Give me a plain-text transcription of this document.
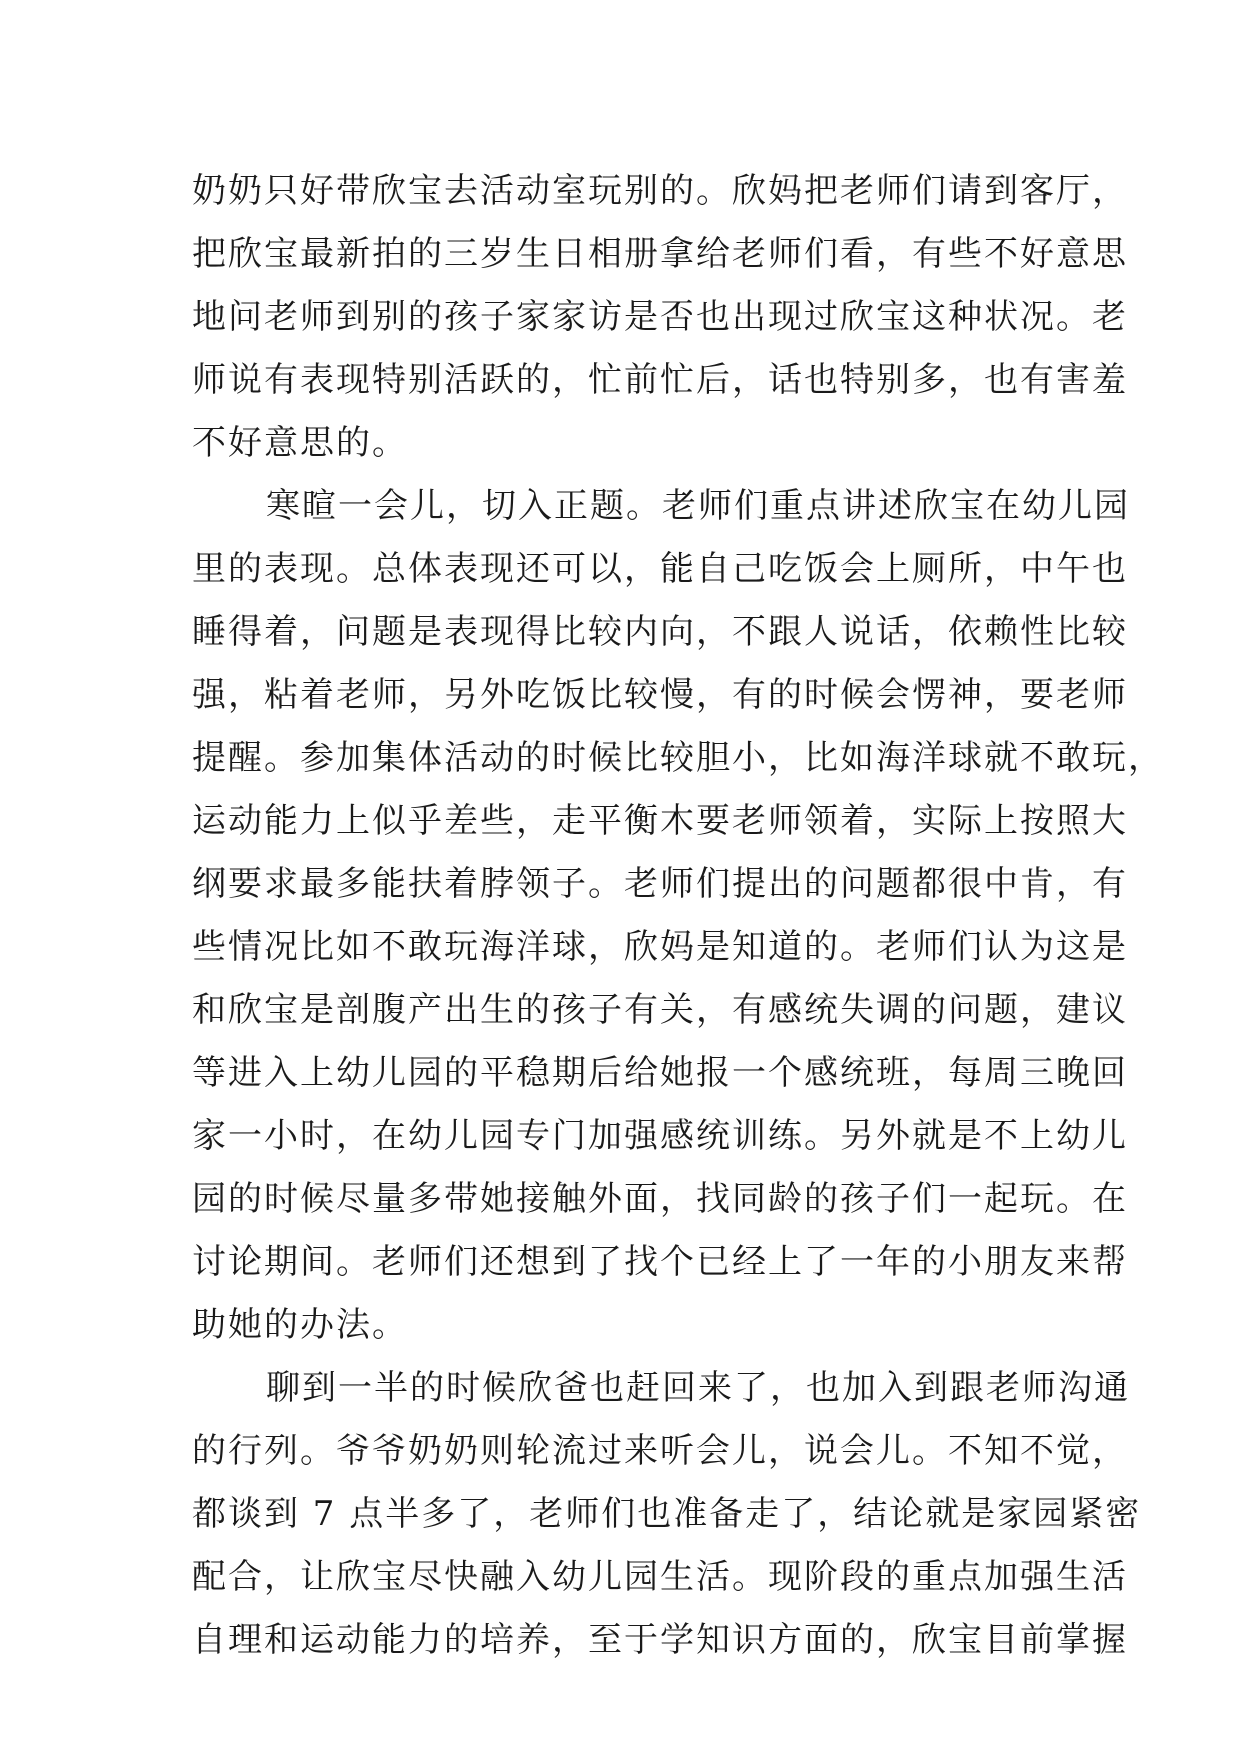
奶奶只好带欣宝去活动室玩别的。欣妈把老师们请到客厅，
把欣宝最新拍的三岁生日相册拿给老师们看，有些不好意思
地问老师到别的孩子家家访是否也出现过欣宝这种状况。老
师说有表现特别活跃的，忙前忙后，话也特别多，也有害羞
不好意思的。

寒暄一会儿，切入正题。老师们重点讲述欣宝在幼儿园
里的表现。总体表现还可以，能自己吃饭会上厕所，中午也
睡得着，问题是表现得比较内向，不跟人说话，依赖性比较
强，粘着老师，另外吃饭比较慢，有的时候会愣神，要老师
提醒。参加集体活动的时候比较胆小，比如海洋球就不敢玩，
运动能力上似乎差些，走平衡木要老师领着，实际上按照大
纲要求最多能扶着脖领子。老师们提出的问题都很中肯，有
些情况比如不敢玩海洋球，欣妈是知道的。老师们认为这是
和欣宝是剖腹产出生的孩子有关，有感统失调的问题，建议
等进入上幼儿园的平稳期后给她报一个感统班，每周三晚回
家一小时，在幼儿园专门加强感统训练。另外就是不上幼儿
园的时候尽量多带她接触外面，找同龄的孩子们一起玩。在
讨论期间。老师们还想到了找个已经上了一年的小朋友来帮
助她的办法。

聊到一半的时候欣爸也赶回来了，也加入到跟老师沟通
的行列。爷爷奶奶则轮流过来听会儿，说会儿。不知不觉，
都谈到 7 点半多了，老师们也准备走了，结论就是家园紧密
配合，让欣宝尽快融入幼儿园生活。现阶段的重点加强生活
自理和运动能力的培养，至于学知识方面的，欣宝目前掌握
